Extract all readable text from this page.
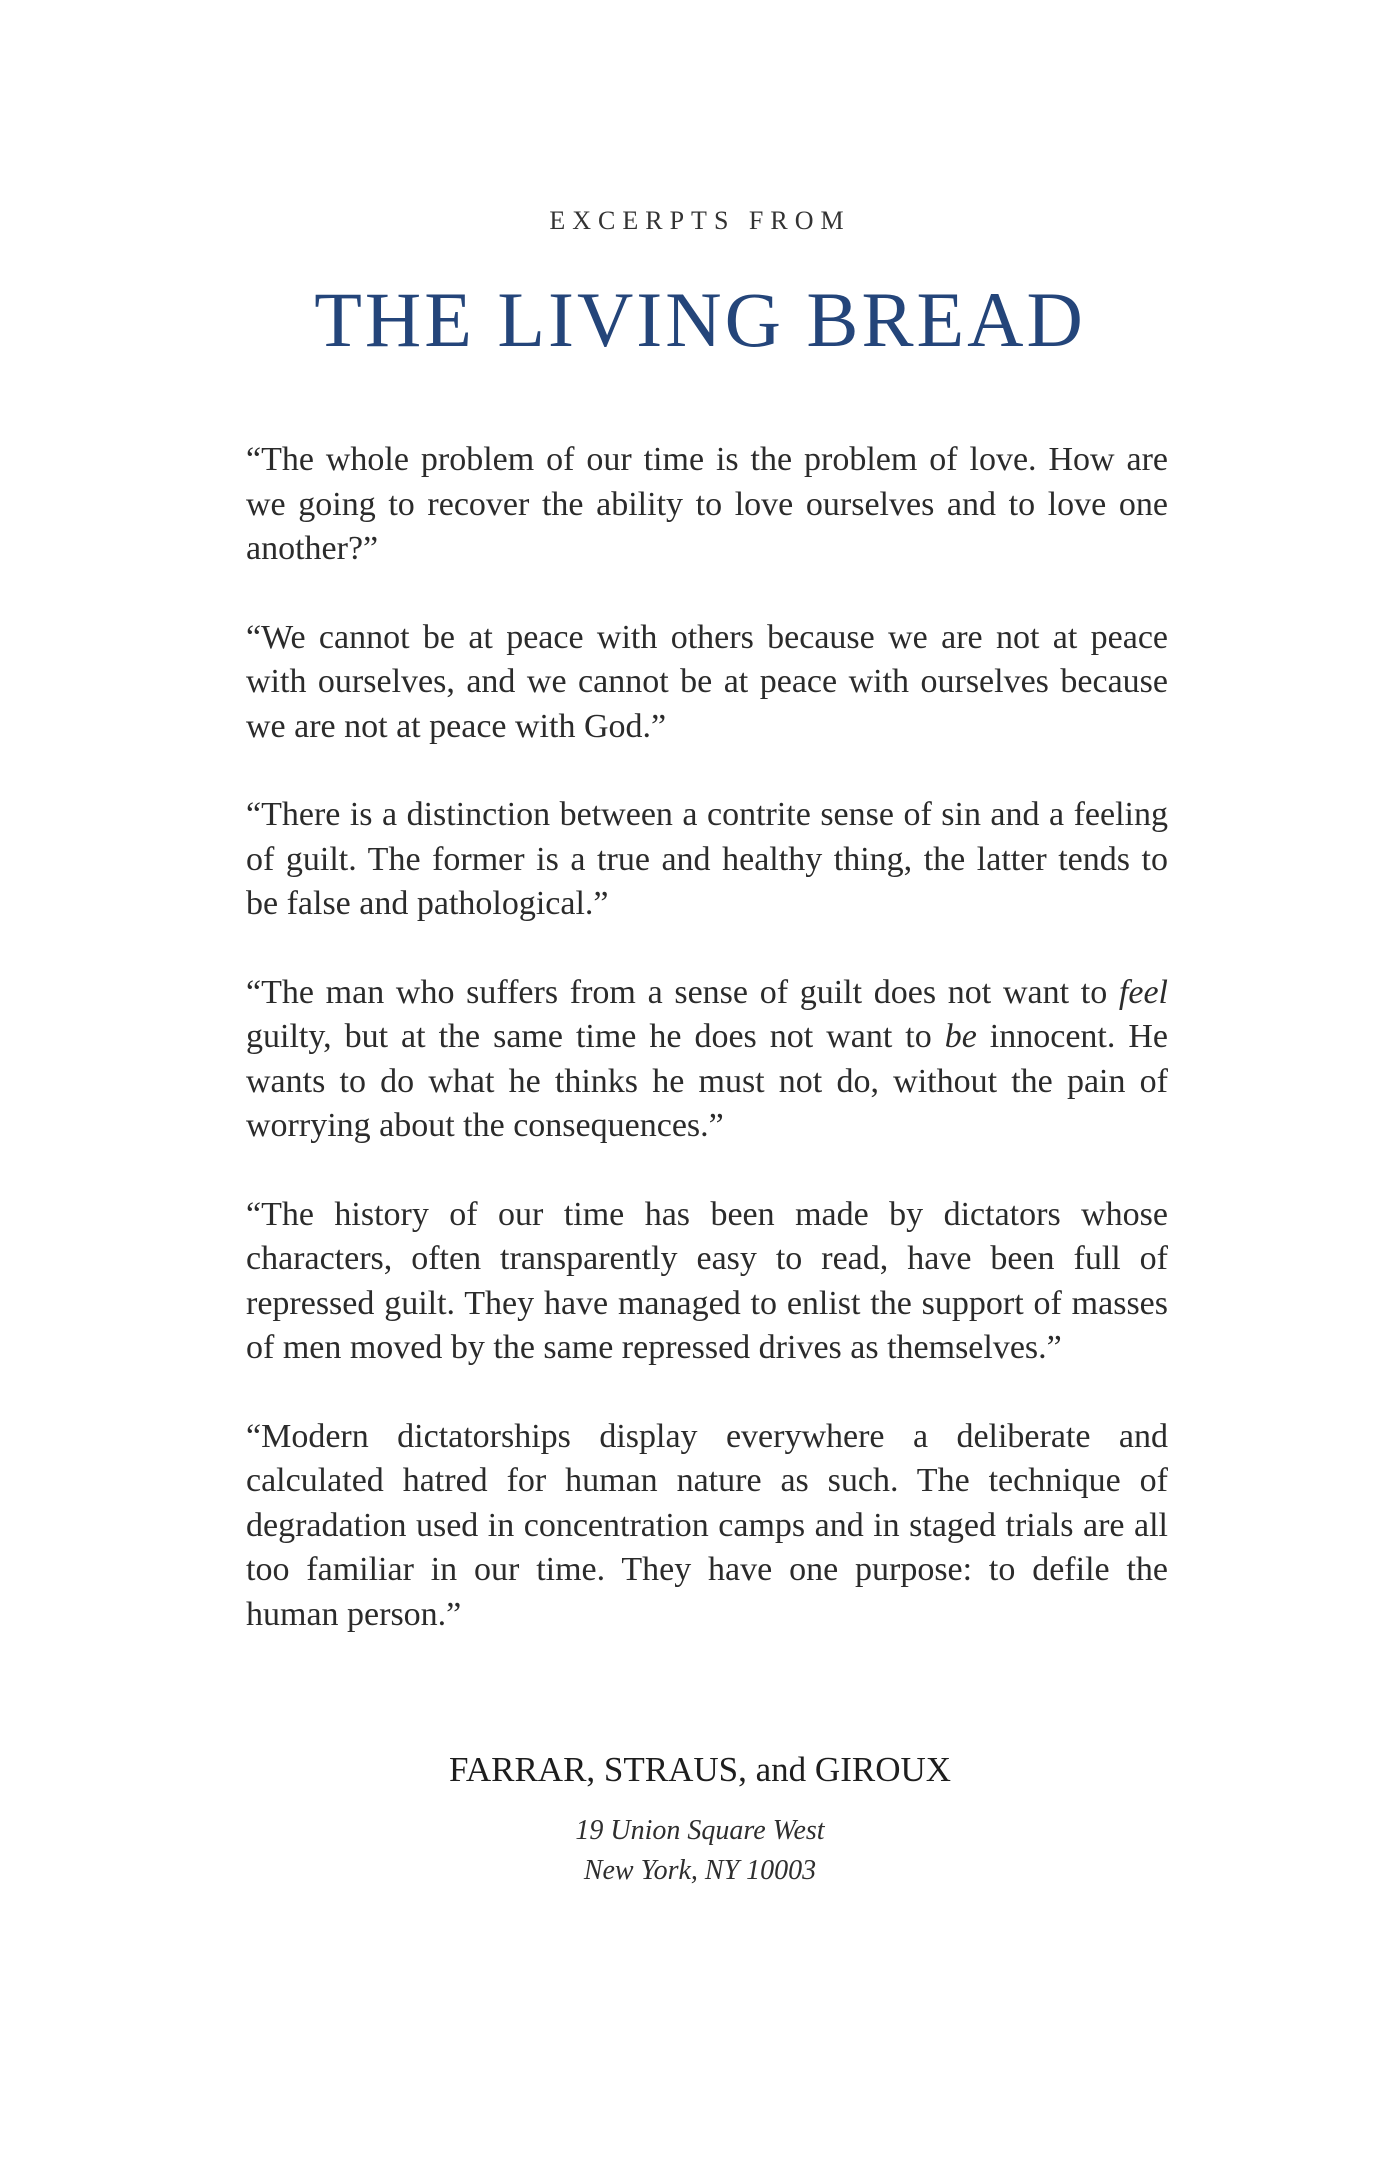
EXCERPTS FROM
THE LIVING BREAD

“The whole problem of our time is the problem of love. How are we going to recover the ability to love ourselves and to love one another?”

“We cannot be at peace with others because we are not at peace with ourselves, and we cannot be at peace with ourselves because we are not at peace with God.”

“There is a distinction between a contrite sense of sin and a feeling of guilt. The former is a true and healthy thing, the latter tends to be false and pathological.”

“The man who suffers from a sense of guilt does not want to feel guilty, but at the same time he does not want to be innocent. He wants to do what he thinks he must not do, without the pain of worrying about the consequences.”

“The history of our time has been made by dictators whose characters, often transparently easy to read, have been full of repressed guilt. They have managed to enlist the support of masses of men moved by the same repressed drives as themselves.”

“Modern dictatorships display everywhere a deliberate and calculated hatred for human nature as such. The technique of degradation used in concentration camps and in staged trials are all too familiar in our time. They have one purpose: to defile the human person.”

FARRAR, STRAUS, and GIROUX
19 Union Square West
New York, NY 10003
